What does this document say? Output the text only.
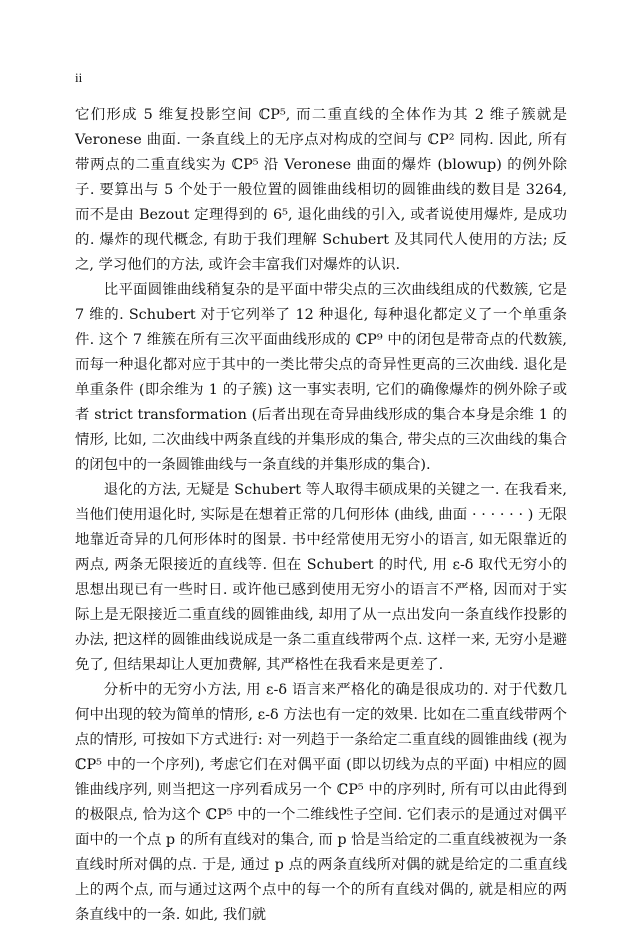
ii

它们形成 5 维复投影空间 ℂP⁵, 而二重直线的全体作为其 2 维子簇就是 Veronese 曲面. 一条直线上的无序点对构成的空间与 ℂP² 同构. 因此, 所有带两点的二重直线实为 ℂP⁵ 沿 Veronese 曲面的爆炸 (blowup) 的例外除子. 要算出与 5 个处于一般位置的圆锥曲线相切的圆锥曲线的数目是 3264, 而不是由 Bezout 定理得到的 6⁵, 退化曲线的引入, 或者说使用爆炸, 是成功的. 爆炸的现代概念, 有助于我们理解 Schubert 及其同代人使用的方法; 反之, 学习他们的方法, 或许会丰富我们对爆炸的认识.

比平面圆锥曲线稍复杂的是平面中带尖点的三次曲线组成的代数簇, 它是 7 维的. Schubert 对于它列举了 12 种退化, 每种退化都定义了一个单重条件. 这个 7 维簇在所有三次平面曲线形成的 ℂP⁹ 中的闭包是带奇点的代数簇, 而每一种退化都对应于其中的一类比带尖点的奇异性更高的三次曲线. 退化是单重条件 (即余维为 1 的子簇) 这一事实表明, 它们的确像爆炸的例外除子或者 strict transformation (后者出现在奇异曲线形成的集合本身是余维 1 的情形, 比如, 二次曲线中两条直线的并集形成的集合, 带尖点的三次曲线的集合的闭包中的一条圆锥曲线与一条直线的并集形成的集合).

退化的方法, 无疑是 Schubert 等人取得丰硕成果的关键之一. 在我看来, 当他们使用退化时, 实际是在想着正常的几何形体 (曲线, 曲面 · · · · · · ) 无限地靠近奇异的几何形体时的图景. 书中经常使用无穷小的语言, 如无限靠近的两点, 两条无限接近的直线等. 但在 Schubert 的时代, 用 ε-δ 取代无穷小的思想出现已有一些时日. 或许他已感到使用无穷小的语言不严格, 因而对于实际上是无限接近二重直线的圆锥曲线, 却用了从一点出发向一条直线作投影的办法, 把这样的圆锥曲线说成是一条二重直线带两个点. 这样一来, 无穷小是避免了, 但结果却让人更加费解, 其严格性在我看来是更差了.

分析中的无穷小方法, 用 ε-δ 语言来严格化的确是很成功的. 对于代数几何中出现的较为简单的情形, ε-δ 方法也有一定的效果. 比如在二重直线带两个点的情形, 可按如下方式进行: 对一列趋于一条给定二重直线的圆锥曲线 (视为 ℂP⁵ 中的一个序列), 考虑它们在对偶平面 (即以切线为点的平面) 中相应的圆锥曲线序列, 则当把这一序列看成另一个 ℂP⁵ 中的序列时, 所有可以由此得到的极限点, 恰为这个 ℂP⁵ 中的一个二维线性子空间. 它们表示的是通过对偶平面中的一个点 p 的所有直线对的集合, 而 p 恰是当给定的二重直线被视为一条直线时所对偶的点. 于是, 通过 p 点的两条直线所对偶的就是给定的二重直线上的两个点, 而与通过这两个点中的每一个的所有直线对偶的, 就是相应的两条直线中的一条. 如此, 我们就
